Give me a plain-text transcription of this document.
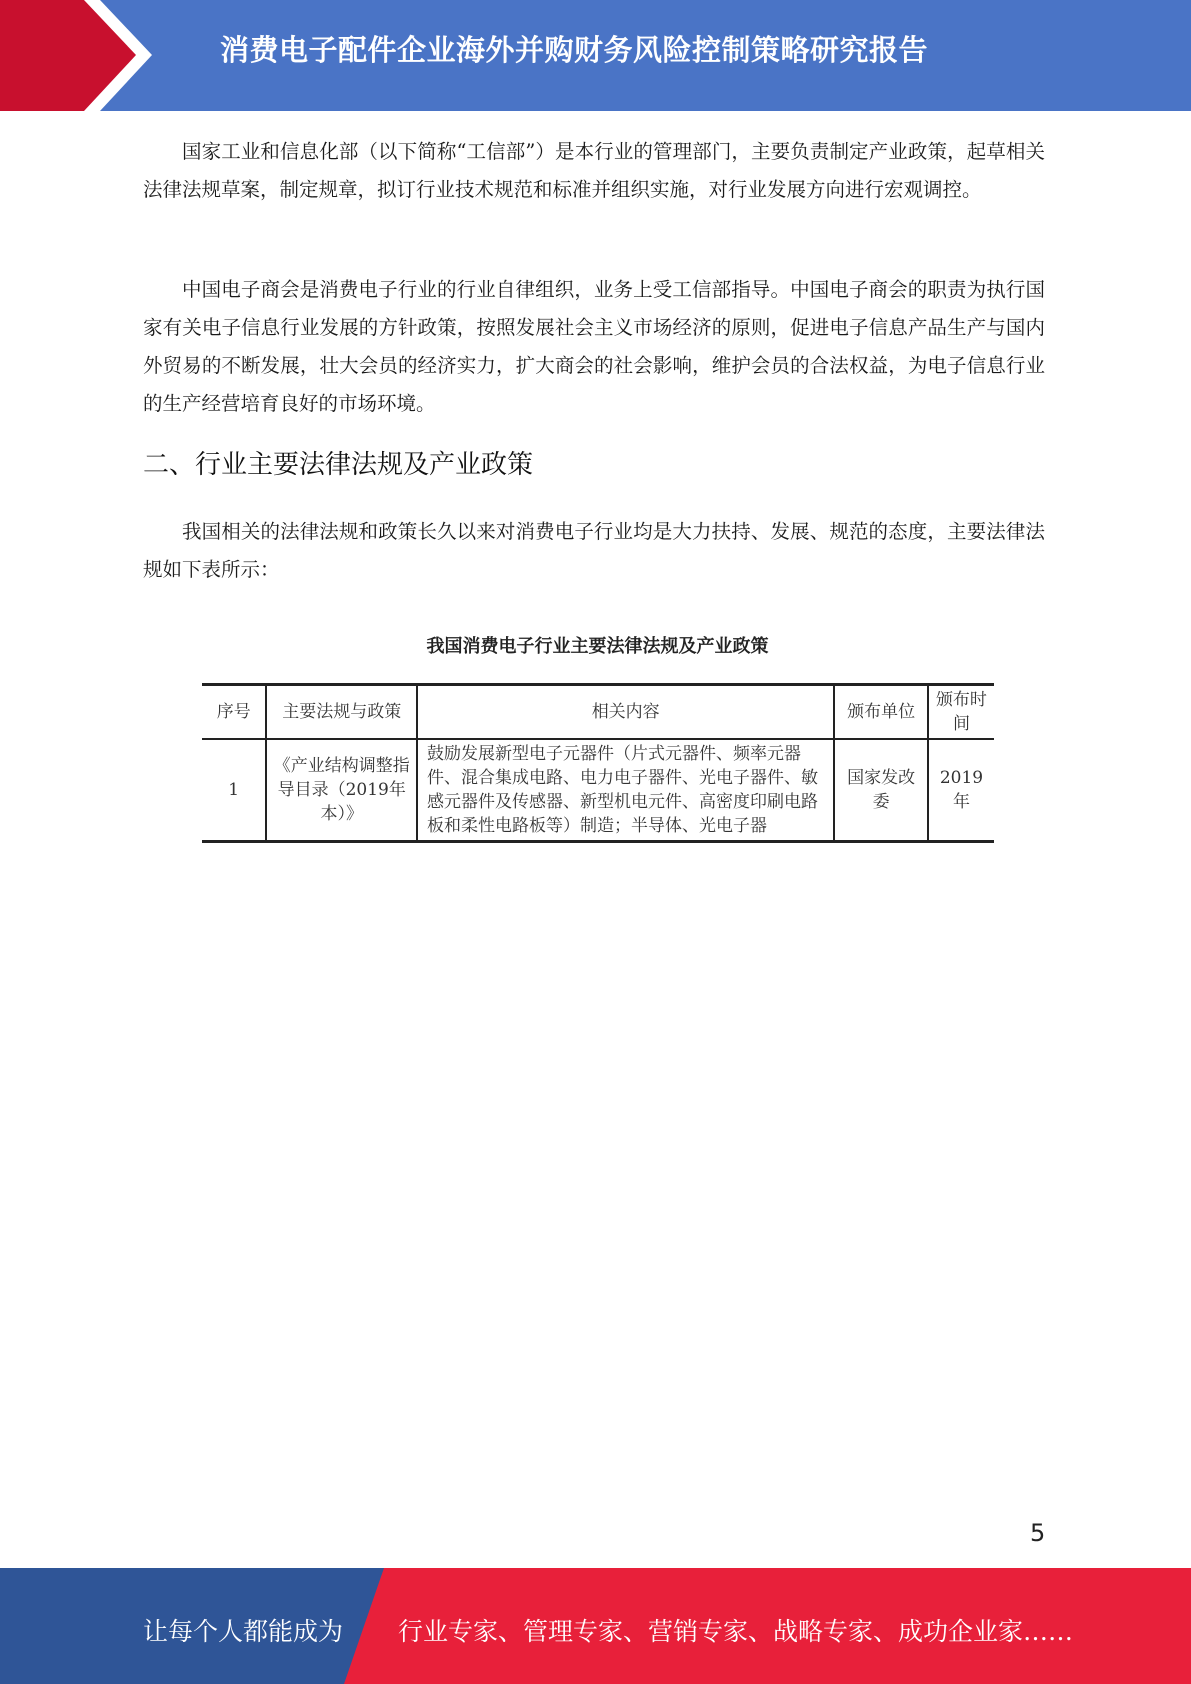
消费电子配件企业海外并购财务风险控制策略研究报告
国家工业和信息化部（以下简称“工信部”）是本行业的管理部门，主要负责制定产业政策，起草相关法律法规草案，制定规章，拟订行业技术规范和标准并组织实施，对行业发展方向进行宏观调控。
中国电子商会是消费电子行业的行业自律组织，业务上受工信部指导。中国电子商会的职责为执行国家有关电子信息行业发展的方针政策，按照发展社会主义市场经济的原则，促进电子信息产品生产与国内外贸易的不断发展，壮大会员的经济实力，扩大商会的社会影响，维护会员的合法权益，为电子信息行业的生产经营培育良好的市场环境。
二、行业主要法律法规及产业政策
我国相关的法律法规和政策长久以来对消费电子行业均是大力扶持、发展、规范的态度，主要法律法规如下表所示：
我国消费电子行业主要法律法规及产业政策
序号	主要法规与政策	相关内容	颁布单位	颁布时间
1	《产业结构调整指导目录（2019年本）》	鼓励发展新型电子元器件（片式元器件、频率元器件、混合集成电路、电力电子器件、光电子器件、敏感元器件及传感器、新型机电元件、高密度印刷电路板和柔性电路板等）制造；半导体、光电子器	国家发改委	2019年
5
让每个人都能成为 行业专家、管理专家、营销专家、战略专家、成功企业家……
